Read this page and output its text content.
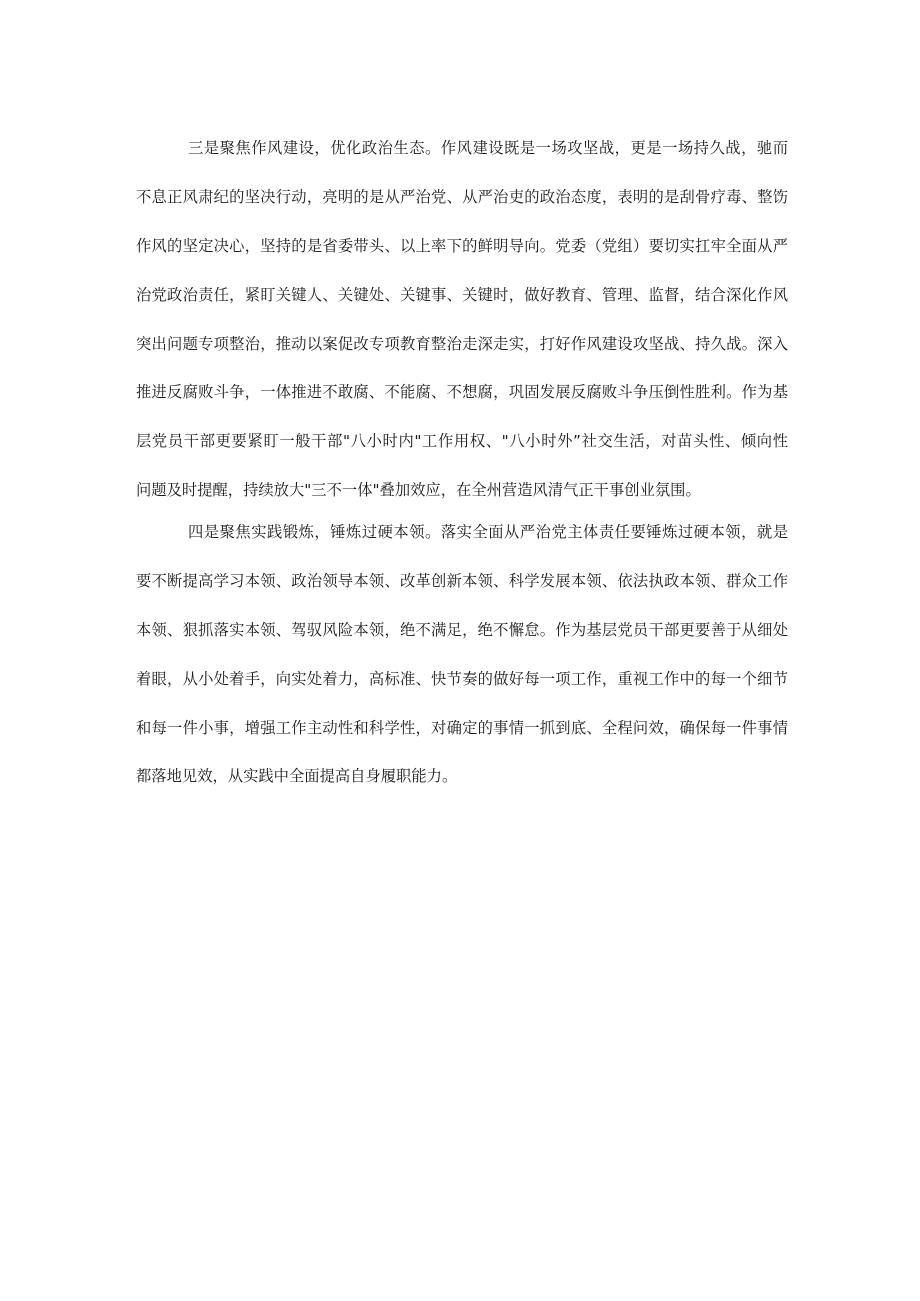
三是聚焦作风建设，优化政治生态。作风建设既是一场攻坚战，更是一场持久战，驰而
不息正风肃纪的坚决行动，亮明的是从严治党、从严治吏的政治态度，表明的是刮骨疗毒、整饬
作风的坚定决心，坚持的是省委带头、以上率下的鲜明导向。党委（党组）要切实扛牢全面从严
治党政治责任，紧盯关键人、关键处、关键事、关键时，做好教育、管理、监督，结合深化作风
突出问题专项整治，推动以案促改专项教育整治走深走实，打好作风建设攻坚战、持久战。深入
推进反腐败斗争，一体推进不敢腐、不能腐、不想腐，巩固发展反腐败斗争压倒性胜利。作为基
层党员干部更要紧盯一般干部"八小时内"工作用权、"八小时外”社交生活，对苗头性、倾向性
问题及时提醒，持续放大"三不一体"叠加效应，在全州营造风清气正干事创业氛围。
四是聚焦实践锻炼，锤炼过硬本领。落实全面从严治党主体责任要锤炼过硬本领，就是
要不断提高学习本领、政治领导本领、改革创新本领、科学发展本领、依法执政本领、群众工作
本领、狠抓落实本领、驾驭风险本领，绝不满足，绝不懈怠。作为基层党员干部更要善于从细处
着眼，从小处着手，向实处着力，高标准、快节奏的做好每一项工作，重视工作中的每一个细节
和每一件小事，增强工作主动性和科学性，对确定的事情一抓到底、全程问效，确保每一件事情
都落地见效，从实践中全面提高自身履职能力。
